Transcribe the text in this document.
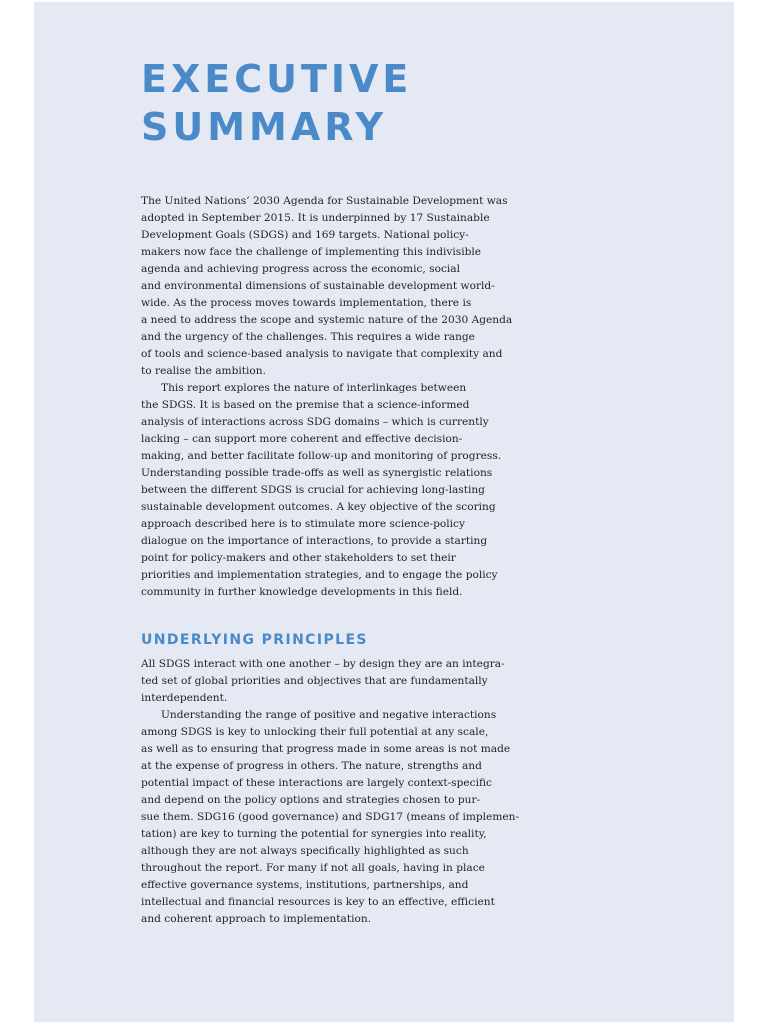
EXECUTIVE
SUMMARY

The United Nations’ 2030 Agenda for Sustainable Development was
adopted in September 2015. It is underpinned by 17 Sustainable
Development Goals (SDGS) and 169 targets. National policy-
makers now face the challenge of implementing this indivisible
agenda and achieving progress across the economic, social
and environmental dimensions of sustainable development world-
wide. As the process moves towards implementation, there is
a need to address the scope and systemic nature of the 2030 Agenda
and the urgency of the challenges. This requires a wide range
of tools and science-based analysis to navigate that complexity and
to realise the ambition.

This report explores the nature of interlinkages between
the SDGS. It is based on the premise that a science-informed
analysis of interactions across SDG domains – which is currently
lacking – can support more coherent and effective decision-
making, and better facilitate follow-up and monitoring of progress.
Understanding possible trade-offs as well as synergistic relations
between the different SDGS is crucial for achieving long-lasting
sustainable development outcomes. A key objective of the scoring
approach described here is to stimulate more science-policy
dialogue on the importance of interactions, to provide a starting
point for policy-makers and other stakeholders to set their
priorities and implementation strategies, and to engage the policy
community in further knowledge developments in this field.

UNDERLYING PRINCIPLES

All SDGS interact with one another – by design they are an integra-
ted set of global priorities and objectives that are fundamentally
interdependent.

Understanding the range of positive and negative interactions
among SDGS is key to unlocking their full potential at any scale,
as well as to ensuring that progress made in some areas is not made
at the expense of progress in others. The nature, strengths and
potential impact of these interactions are largely context-specific
and depend on the policy options and strategies chosen to pur-
sue them. SDG16 (good governance) and SDG17 (means of implemen-
tation) are key to turning the potential for synergies into reality,
although they are not always specifically highlighted as such
throughout the report. For many if not all goals, having in place
effective governance systems, institutions, partnerships, and
intellectual and financial resources is key to an effective, efficient
and coherent approach to implementation.
